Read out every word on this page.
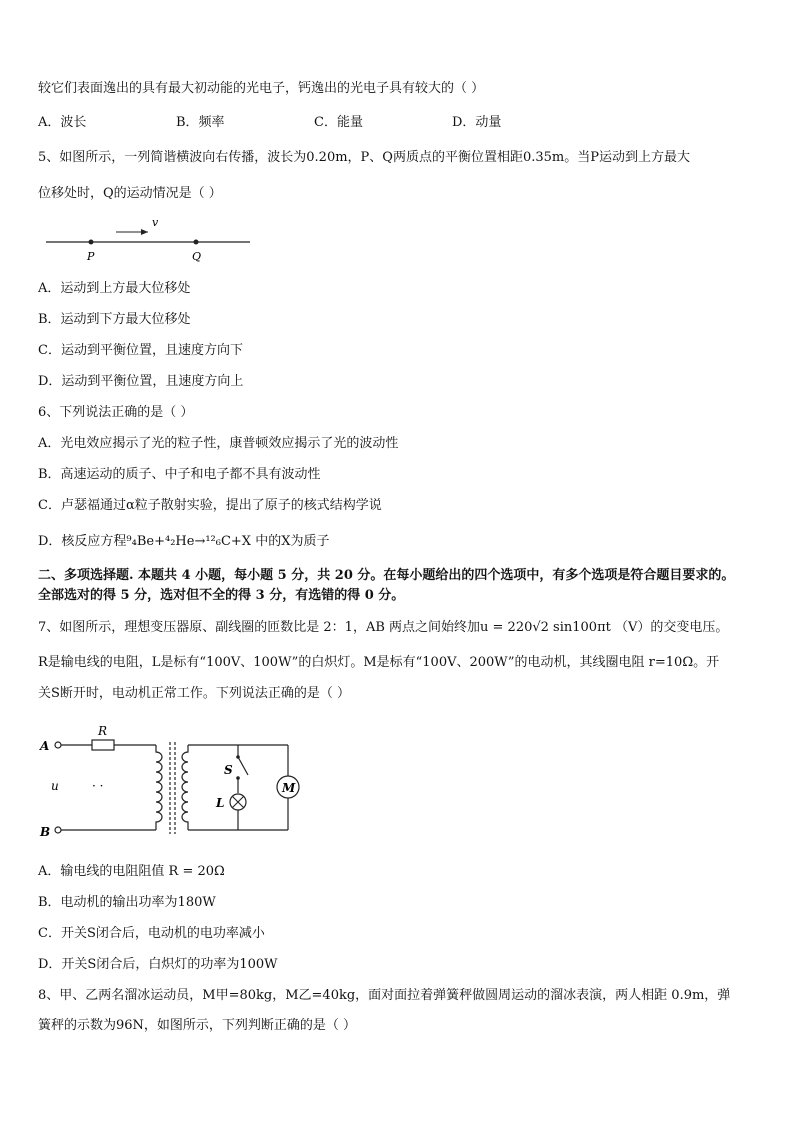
较它们表面逸出的具有最大初动能的光电子，钙逸出的光电子具有较大的（ ）
A．波长	B．频率	C．能量	D．动量
5、如图所示，一列简谐横波向右传播，波长为0.20m，P、Q两质点的平衡位置相距0.35m。当P运动到上方最大
位移处时，Q的运动情况是（ ）
v
P	Q
A．运动到上方最大位移处
B．运动到下方最大位移处
C．运动到平衡位置，且速度方向下
D．运动到平衡位置，且速度方向上
6、下列说法正确的是（ ）
A．光电效应揭示了光的粒子性，康普顿效应揭示了光的波动性
B．高速运动的质子、中子和电子都不具有波动性
C．卢瑟福通过α粒子散射实验，提出了原子的核式结构学说
D．核反应方程⁹₄Be+⁴₂He→¹²₆C+X 中的X为质子
二、多项选择题. 本题共 4 小题，每小题 5 分，共 20 分。在每小题给出的四个选项中，有多个选项是符合题目要求的。
全部选对的得 5 分，选对但不全的得 3 分，有选错的得 0 分。
7、如图所示，理想变压器原、副线圈的匝数比是 2：1，AB 两点之间始终加u = 220√2 sin100πt （V）的交变电压。
R是输电线的电阻，L是标有“100V、100W”的白炽灯。M是标有“100V、200W”的电动机，其线圈电阻 r=10Ω。开
关S断开时，电动机正常工作。下列说法正确的是（ ）
A
B
u
R
· ·	M
S
L
A．输电线的电阻阻值 R = 20Ω
B．电动机的输出功率为180W
C．开关S闭合后，电动机的电功率减小
D．开关S闭合后，白炽灯的功率为100W
8、甲、乙两名溜冰运动员，M甲=80kg，M乙=40kg，面对面拉着弹簧秤做圆周运动的溜冰表演，两人相距 0.9m，弹
簧秤的示数为96N，如图所示，下列判断正确的是（ ）
